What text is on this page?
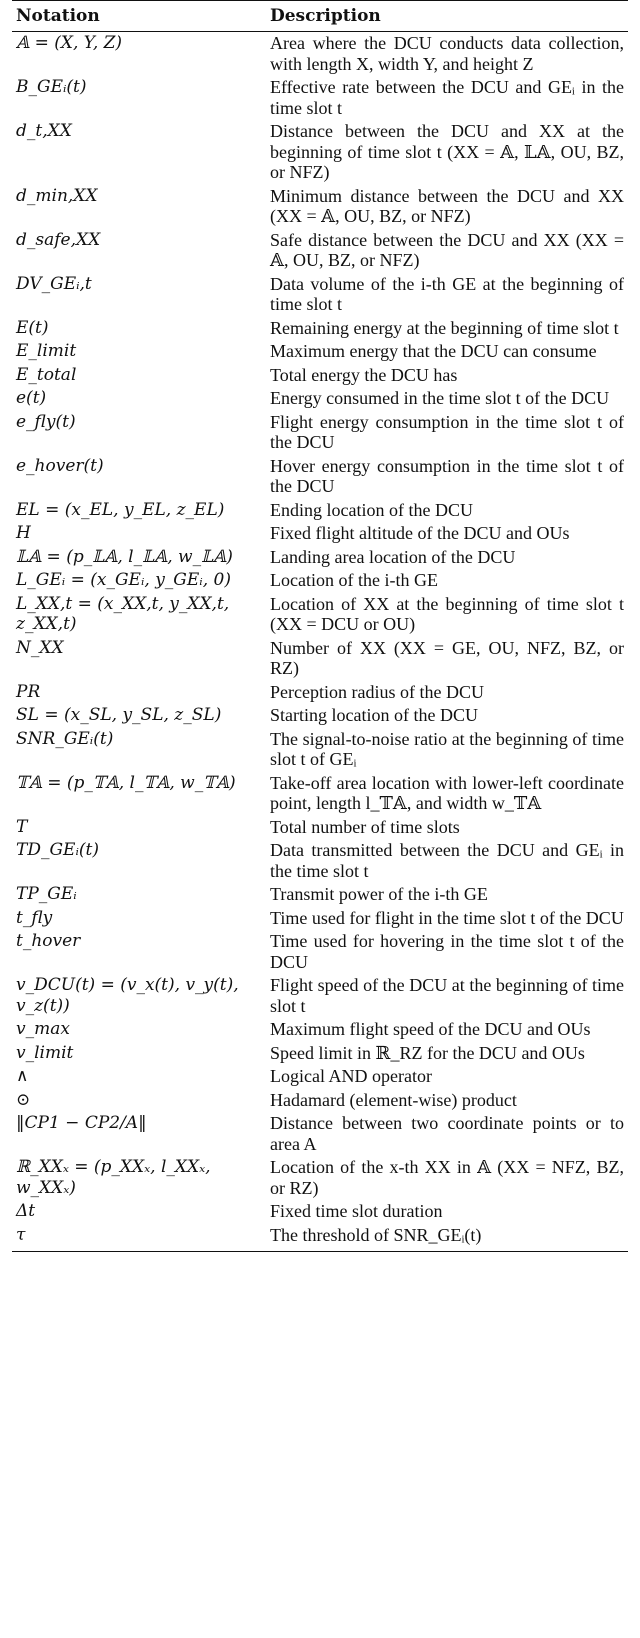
Notation	Description
𝔸 = (X, Y, Z)	Area where the DCU conducts data collection, with length X, width Y, and height Z
B_GEᵢ(t)	Effective rate between the DCU and GEᵢ in the time slot t
d_t,XX	Distance between the DCU and XX at the beginning of time slot t (XX = 𝔸, 𝕃𝔸, OU, BZ, or NFZ)
d_min,XX	Minimum distance between the DCU and XX (XX = 𝔸, OU, BZ, or NFZ)
d_safe,XX	Safe distance between the DCU and XX (XX = 𝔸, OU, BZ, or NFZ)
DV_GEᵢ,t	Data volume of the i-th GE at the beginning of time slot t
E(t)	Remaining energy at the beginning of time slot t
E_limit	Maximum energy that the DCU can consume
E_total	Total energy the DCU has
e(t)	Energy consumed in the time slot t of the DCU
e_fly(t)	Flight energy consumption in the time slot t of the DCU
e_hover(t)	Hover energy consumption in the time slot t of the DCU
EL = (x_EL, y_EL, z_EL)	Ending location of the DCU
H	Fixed flight altitude of the DCU and OUs
𝕃𝔸 = (p_𝕃𝔸, l_𝕃𝔸, w_𝕃𝔸)	Landing area location of the DCU
L_GEᵢ = (x_GEᵢ, y_GEᵢ, 0)	Location of the i-th GE
L_XX,t = (x_XX,t, y_XX,t, z_XX,t)	Location of XX at the beginning of time slot t (XX = DCU or OU)
N_XX	Number of XX (XX = GE, OU, NFZ, BZ, or RZ)
PR	Perception radius of the DCU
SL = (x_SL, y_SL, z_SL)	Starting location of the DCU
SNR_GEᵢ(t)	The signal-to-noise ratio at the beginning of time slot t of GEᵢ
𝕋𝔸 = (p_𝕋𝔸, l_𝕋𝔸, w_𝕋𝔸)	Take-off area location with lower-left coordinate point, length l_𝕋𝔸, and width w_𝕋𝔸
T	Total number of time slots
TD_GEᵢ(t)	Data transmitted between the DCU and GEᵢ in the time slot t
TP_GEᵢ	Transmit power of the i-th GE
t_fly	Time used for flight in the time slot t of the DCU
t_hover	Time used for hovering in the time slot t of the DCU
v_DCU(t) = (v_x(t), v_y(t), v_z(t))	Flight speed of the DCU at the beginning of time slot t
v_max	Maximum flight speed of the DCU and OUs
v_limit	Speed limit in ℝ_RZ for the DCU and OUs
∧	Logical AND operator
⊙	Hadamard (element-wise) product
‖CP1 − CP2/A‖	Distance between two coordinate points or to area A
ℝ_XXₓ = (p_XXₓ, l_XXₓ, w_XXₓ)	Location of the x-th XX in 𝔸 (XX = NFZ, BZ, or RZ)
Δt	Fixed time slot duration
τ	The threshold of SNR_GEᵢ(t)
